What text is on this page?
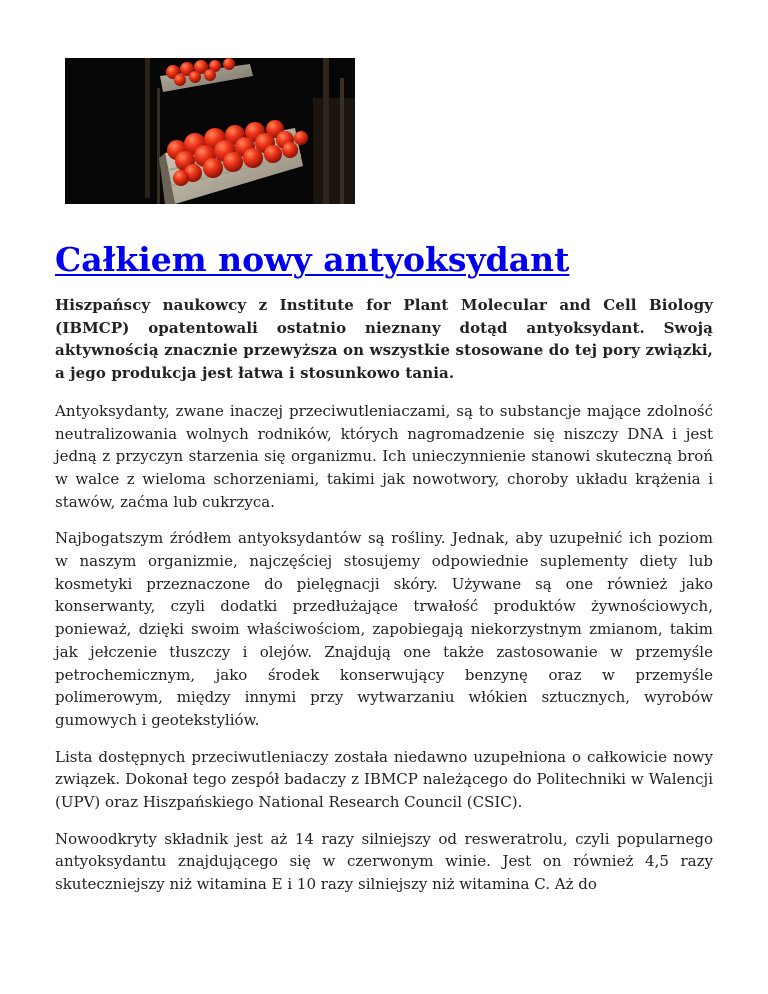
Całkiem nowy antyoksydant

Hiszpańscy naukowcy z Institute for Plant Molecular and Cell Biology (IBMCP) opatentowali ostatnio nieznany dotąd antyoksydant. Swoją aktywnością znacznie przewyższa on wszystkie stosowane do tej pory związki, a jego produkcja jest łatwa i stosunkowo tania.

Antyoksydanty, zwane inaczej przeciwutleniaczami, są to substancje mające zdolność neutralizowania wolnych rodników, których nagromadzenie się niszczy DNA i jest jedną z przyczyn starzenia się organizmu. Ich unieczynnienie stanowi skuteczną broń w walce z wieloma schorzeniami, takimi jak nowotwory, choroby układu krążenia i stawów, zaćma lub cukrzyca.

Najbogatszym źródłem antyoksydantów są rośliny. Jednak, aby uzupełnić ich poziom w naszym organizmie, najczęściej stosujemy odpowiednie suplementy diety lub kosmetyki przeznaczone do pielęgnacji skóry. Używane są one również jako konserwanty, czyli dodatki przedłużające trwałość produktów żywnościowych, ponieważ, dzięki swoim właściwościom, zapobiegają niekorzystnym zmianom, takim jak jełczenie tłuszczy i olejów. Znajdują one także zastosowanie w przemyśle petrochemicznym, jako środek konserwujący benzynę oraz w przemyśle polimerowym, między innymi przy wytwarzaniu włókien sztucznych, wyrobów gumowych i geotekstyliów.

Lista dostępnych przeciwutleniaczy została niedawno uzupełniona o całkowicie nowy związek. Dokonał tego zespół badaczy z IBMCP należącego do Politechniki w Walencji (UPV) oraz Hiszpańskiego National Research Council (CSIC).

Nowoodkryty składnik jest aż 14 razy silniejszy od resweratrolu, czyli popularnego antyoksydantu znajdującego się w czerwonym winie. Jest on również 4,5 razy skuteczniejszy niż witamina E i 10 razy silniejszy niż witamina C. Aż do
